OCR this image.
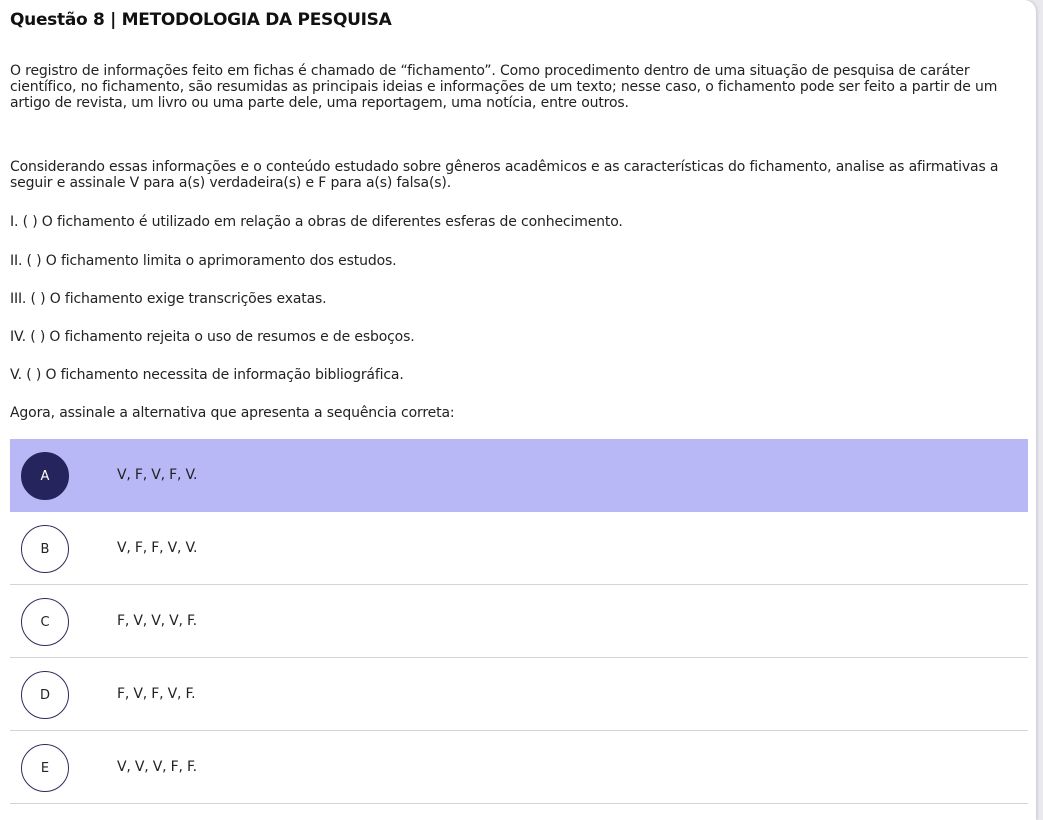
Questão 8 | METODOLOGIA DA PESQUISA
O registro de informações feito em fichas é chamado de “fichamento”. Como procedimento dentro de uma situação de pesquisa de caráter científico, no fichamento, são resumidas as principais ideias e informações de um texto; nesse caso, o fichamento pode ser feito a partir de um artigo de revista, um livro ou uma parte dele, uma reportagem, uma notícia, entre outros.
Considerando essas informações e o conteúdo estudado sobre gêneros acadêmicos e as características do fichamento, analise as afirmativas a seguir e assinale V para a(s) verdadeira(s) e F para a(s) falsa(s).
I. ( ) O fichamento é utilizado em relação a obras de diferentes esferas de conhecimento.
II. ( ) O fichamento limita o aprimoramento dos estudos.
III. ( ) O fichamento exige transcrições exatas.
IV. ( ) O fichamento rejeita o uso de resumos e de esboços.
V. ( ) O fichamento necessita de informação bibliográfica.
Agora, assinale a alternativa que apresenta a sequência correta:
A	V, F, V, F, V.
B	V, F, F, V, V.
C	F, V, V, V, F.
D	F, V, F, V, F.
E	V, V, V, F, F.
